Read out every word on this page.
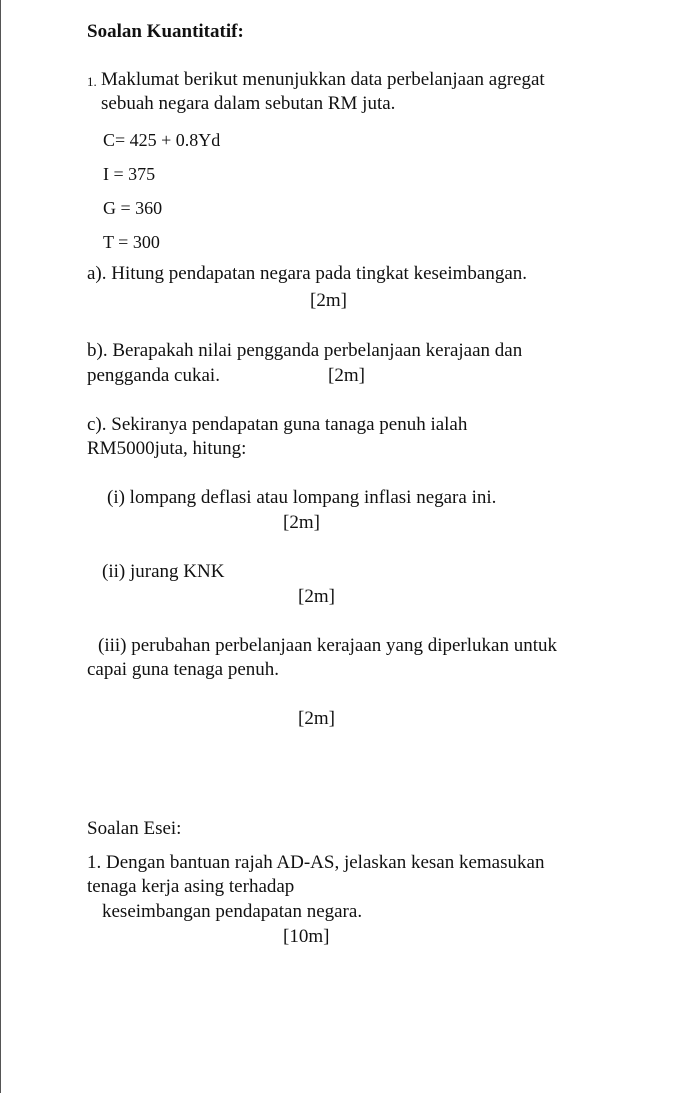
Soalan Kuantitatif:
1. Maklumat berikut menunjukkan data perbelanjaan agregat
sebuah negara dalam sebutan RM juta.
C= 425 + 0.8Yd
I = 375
G = 360
T = 300
a). Hitung pendapatan negara pada tingkat keseimbangan.
[2m]
b). Berapakah nilai pengganda perbelanjaan kerajaan dan
pengganda cukai.	[2m]
c). Sekiranya pendapatan guna tanaga penuh ialah
RM5000juta, hitung:
(i) lompang deflasi atau lompang inflasi negara ini.
[2m]
(ii) jurang KNK
[2m]
(iii) perubahan perbelanjaan kerajaan yang diperlukan untuk
capai guna tenaga penuh.
[2m]
Soalan Esei:
1. Dengan bantuan rajah AD-AS, jelaskan kesan kemasukan
tenaga kerja asing terhadap
keseimbangan pendapatan negara.
[10m]
